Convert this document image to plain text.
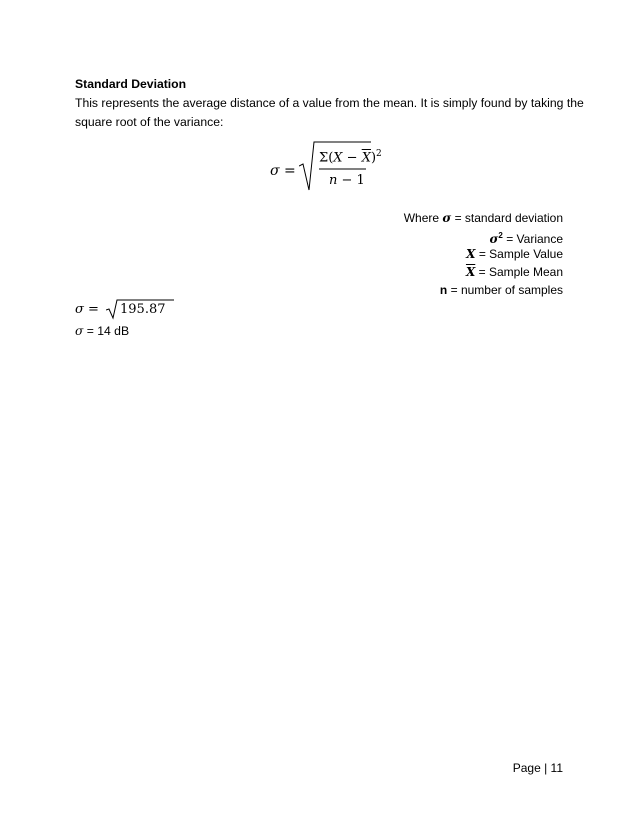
Standard Deviation
This represents the average distance of a value from the mean. It is simply found by taking the
square root of the variance:
σ =
$\Sigma(X - \overline{X})^2$
n − 1
Where σ = standard deviation
$\sigma^2$ = Variance
X = Sample Value
$\overline{X}$ = Sample Mean
n = number of samples
σ = 195.87
σ = 14 dB
Page | 11
